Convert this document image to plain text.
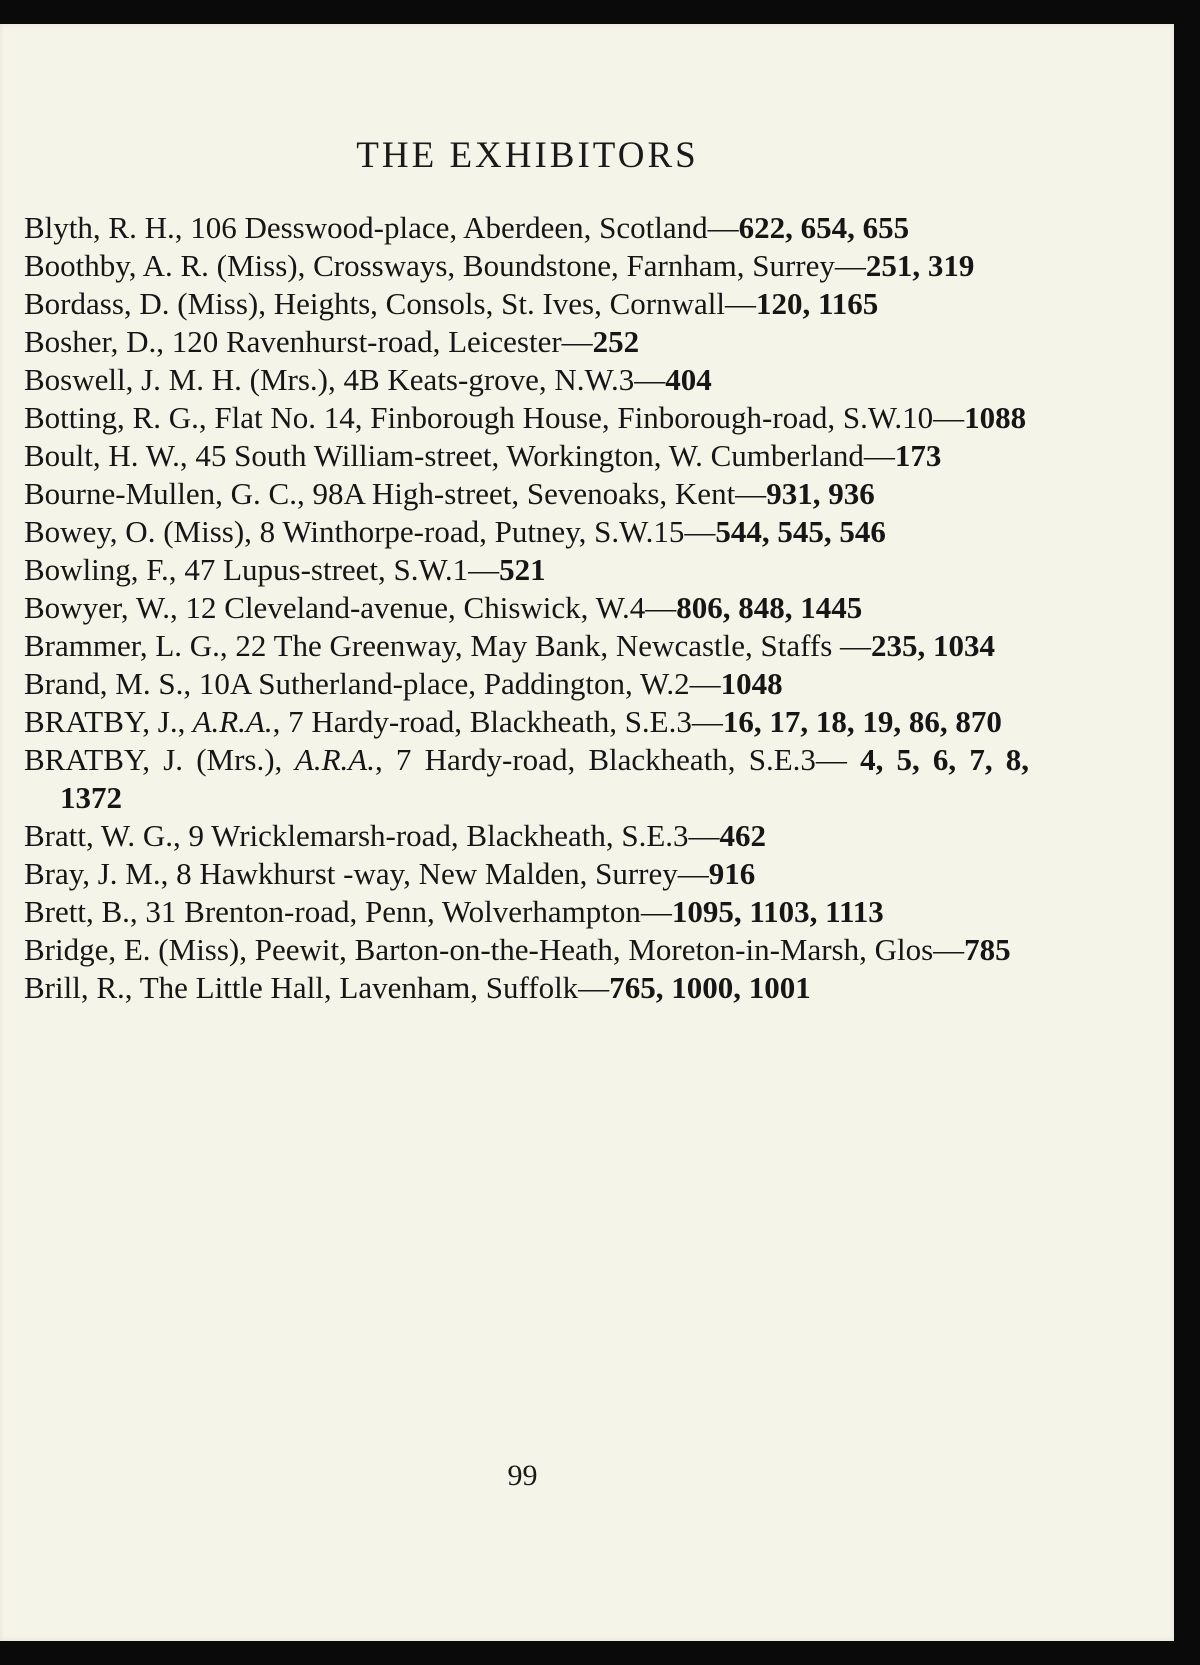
THE EXHIBITORS

Blyth, R. H., 106 Desswood-place, Aberdeen, Scotland—622, 654, 655

Boothby, A. R. (Miss), Crossways, Boundstone, Farnham, Surrey—251, 319

Bordass, D. (Miss), Heights, Consols, St. Ives, Cornwall—120, 1165

Bosher, D., 120 Ravenhurst-road, Leicester—252

Boswell, J. M. H. (Mrs.), 4B Keats-grove, N.W.3—404

Botting, R. G., Flat No. 14, Finborough House, Finborough-road, S.W.10—1088

Boult, H. W., 45 South William-street, Workington, W. Cumberland—173

Bourne-Mullen, G. C., 98A High-street, Sevenoaks, Kent—931, 936

Bowey, O. (Miss), 8 Winthorpe-road, Putney, S.W.15—544, 545, 546

Bowling, F., 47 Lupus-street, S.W.1—521

Bowyer, W., 12 Cleveland-avenue, Chiswick, W.4—806, 848, 1445

Brammer, L. G., 22 The Greenway, May Bank, Newcastle, Staffs —235, 1034

Brand, M. S., 10A Sutherland-place, Paddington, W.2—1048

BRATBY, J., A.R.A., 7 Hardy-road, Blackheath, S.E.3—16, 17, 18, 19, 86, 870

BRATBY, J. (Mrs.), A.R.A., 7 Hardy-road, Blackheath, S.E.3— 4, 5, 6, 7, 8, 1372

Bratt, W. G., 9 Wricklemarsh-road, Blackheath, S.E.3—462

Bray, J. M., 8 Hawkhurst -way, New Malden, Surrey—916

Brett, B., 31 Brenton-road, Penn, Wolverhampton—1095, 1103, 1113

Bridge, E. (Miss), Peewit, Barton-on-the-Heath, Moreton-in-Marsh, Glos—785

Brill, R., The Little Hall, Lavenham, Suffolk—765, 1000, 1001

99
